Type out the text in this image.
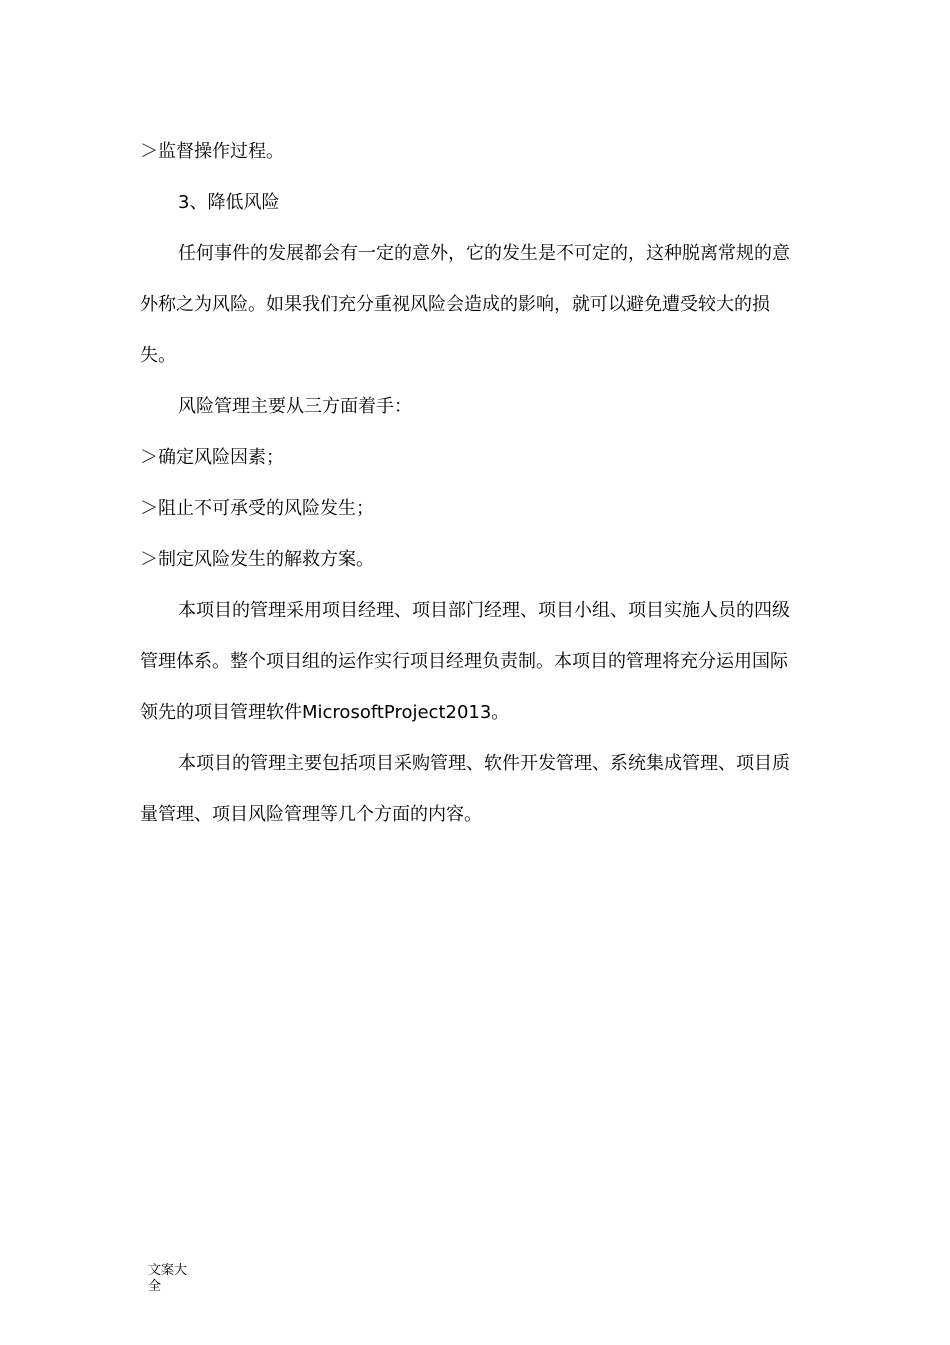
＞监督操作过程。

3、降低风险

任何事件的发展都会有一定的意外，它的发生是不可定的，这种脱离常规的意外称之为风险。如果我们充分重视风险会造成的影响，就可以避免遭受较大的损失。

风险管理主要从三方面着手：

＞确定风险因素；

＞阻止不可承受的风险发生；

＞制定风险发生的解救方案。

本项目的管理采用项目经理、项目部门经理、项目小组、项目实施人员的四级管理体系。整个项目组的运作实行项目经理负责制。本项目的管理将充分运用国际领先的项目管理软件MicrosoftProject2013。

本项目的管理主要包括项目采购管理、软件开发管理、系统集成管理、项目质量管理、项目风险管理等几个方面的内容。

文案大全
